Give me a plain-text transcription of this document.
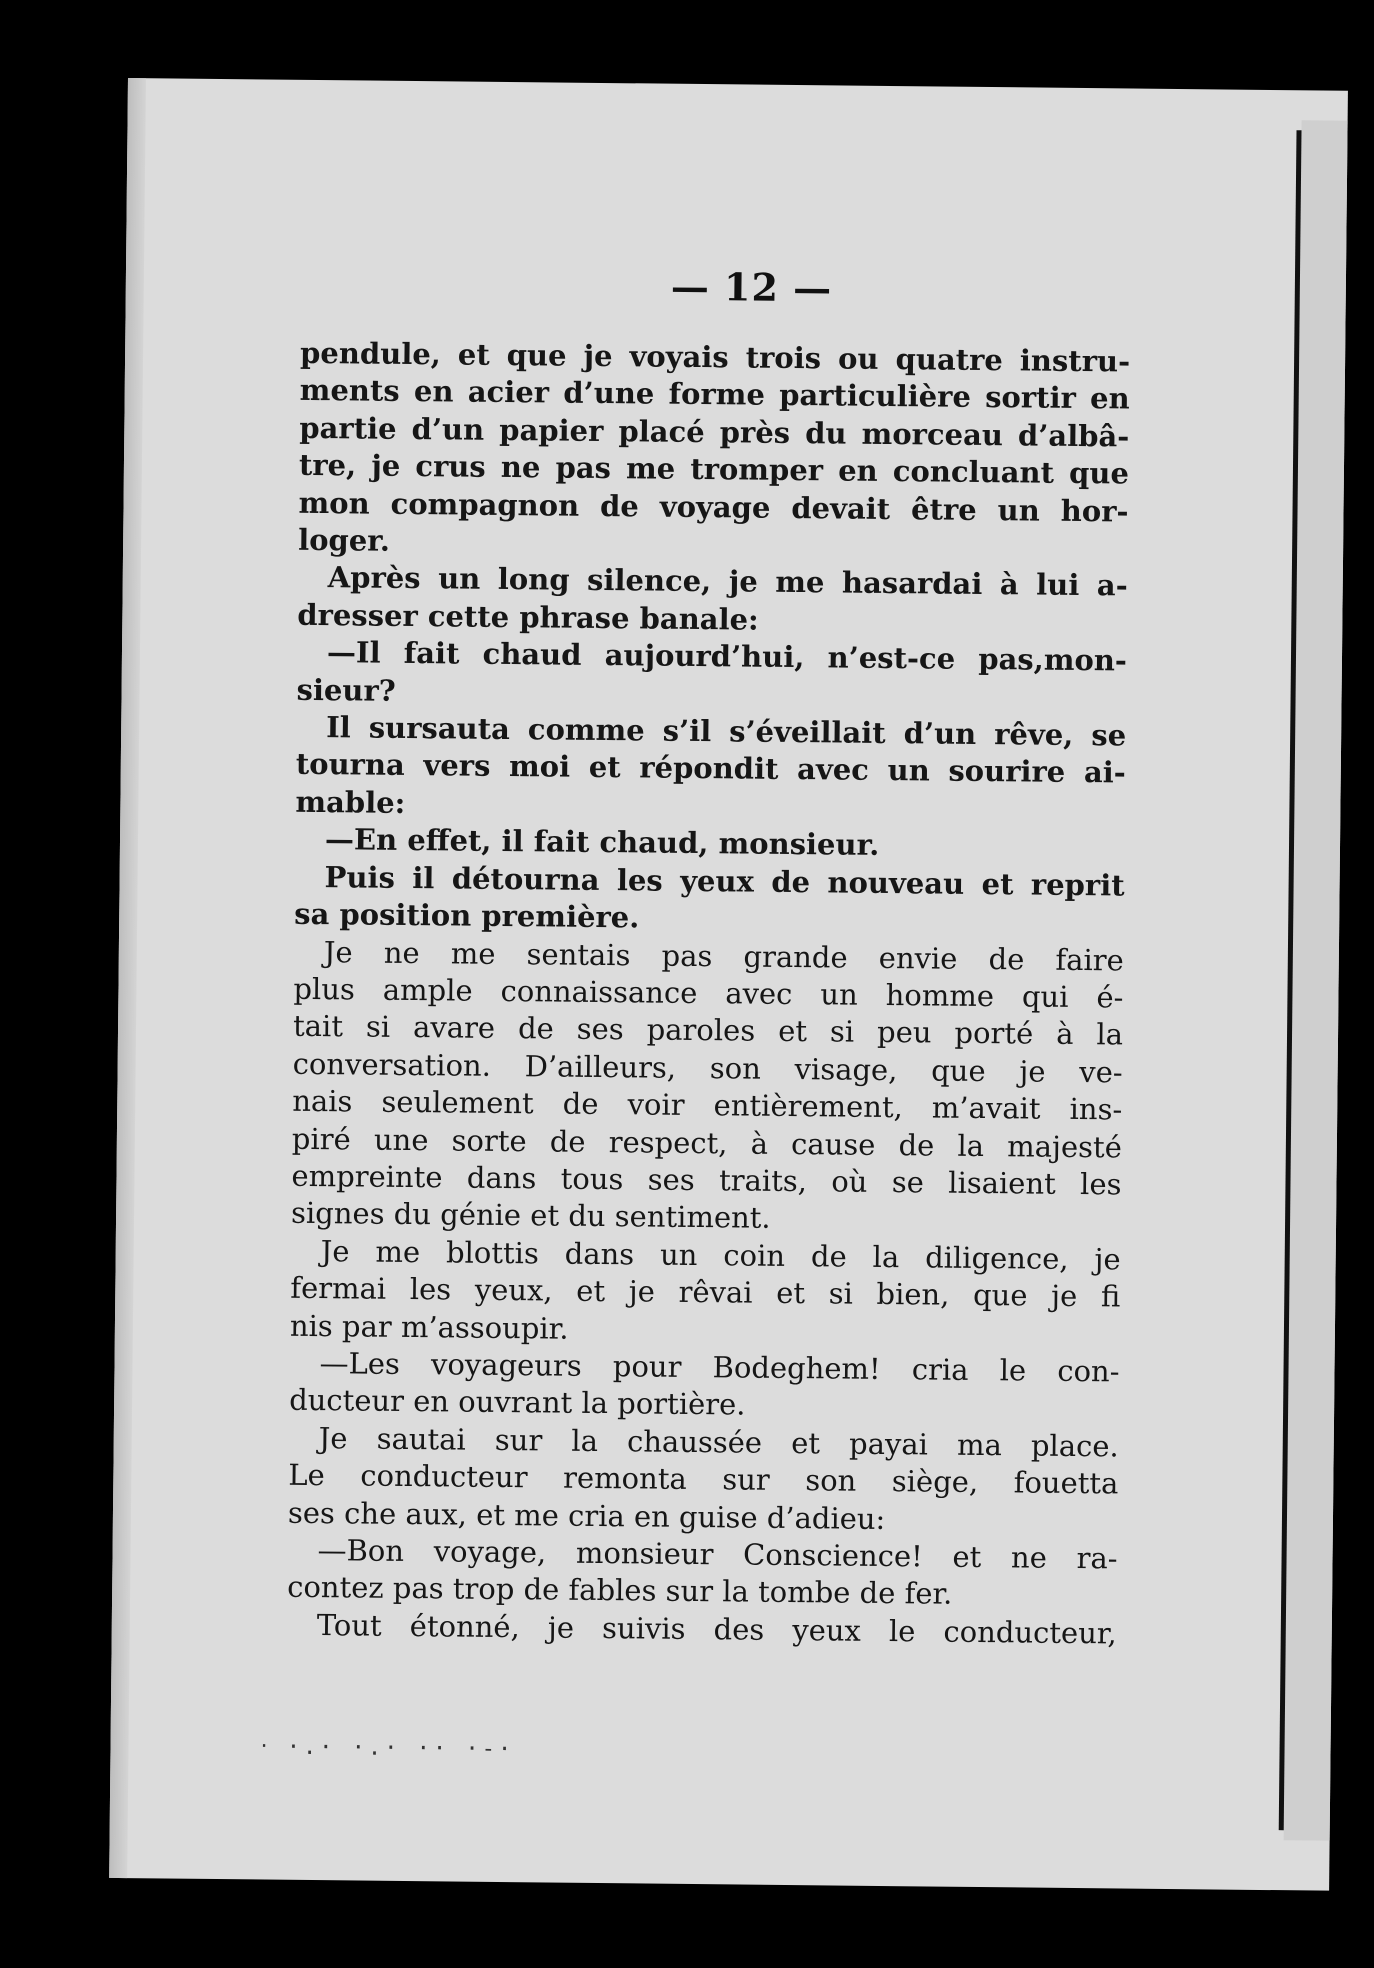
— 12 —
pendule, et que je voyais trois ou quatre instru-
ments en acier d’une forme particulière sortir en
partie d’un papier placé près du morceau d’albâ-
tre, je crus ne pas me tromper en concluant que
mon compagnon de voyage devait être un hor-
loger.
Après un long silence, je me hasardai à lui a-
dresser cette phrase banale:
—Il fait chaud aujourd’hui, n’est-ce pas,mon-
sieur?
Il sursauta comme s’il s’éveillait d’un rêve, se
tourna vers moi et répondit avec un sourire ai-
mable:
—En effet, il fait chaud, monsieur.
Puis il détourna les yeux de nouveau et reprit
sa position première.
Je ne me sentais pas grande envie de faire
plus ample connaissance avec un homme qui é-
tait si avare de ses paroles et si peu porté à la
conversation. D’ailleurs, son visage, que je ve-
nais seulement de voir entièrement, m’avait ins-
piré une sorte de respect, à cause de la majesté
empreinte dans tous ses traits, où se lisaient les
signes du génie et du sentiment.
Je me blottis dans un coin de la diligence, je
fermai les yeux, et je rêvai et si bien, que je fi
nis par m’assoupir.
—Les voyageurs pour Bodeghem! cria le con-
ducteur en ouvrant la portière.
Je sautai sur la chaussée et payai ma place.
Le conducteur remonta sur son siège, fouetta
ses che aux, et me cria en guise d’adieu:
—Bon voyage, monsieur Conscience! et ne ra-
contez pas trop de fables sur la tombe de fer.
Tout étonné, je suivis des yeux le conducteur,
‧ ·.· ·.· ·· ·-·
